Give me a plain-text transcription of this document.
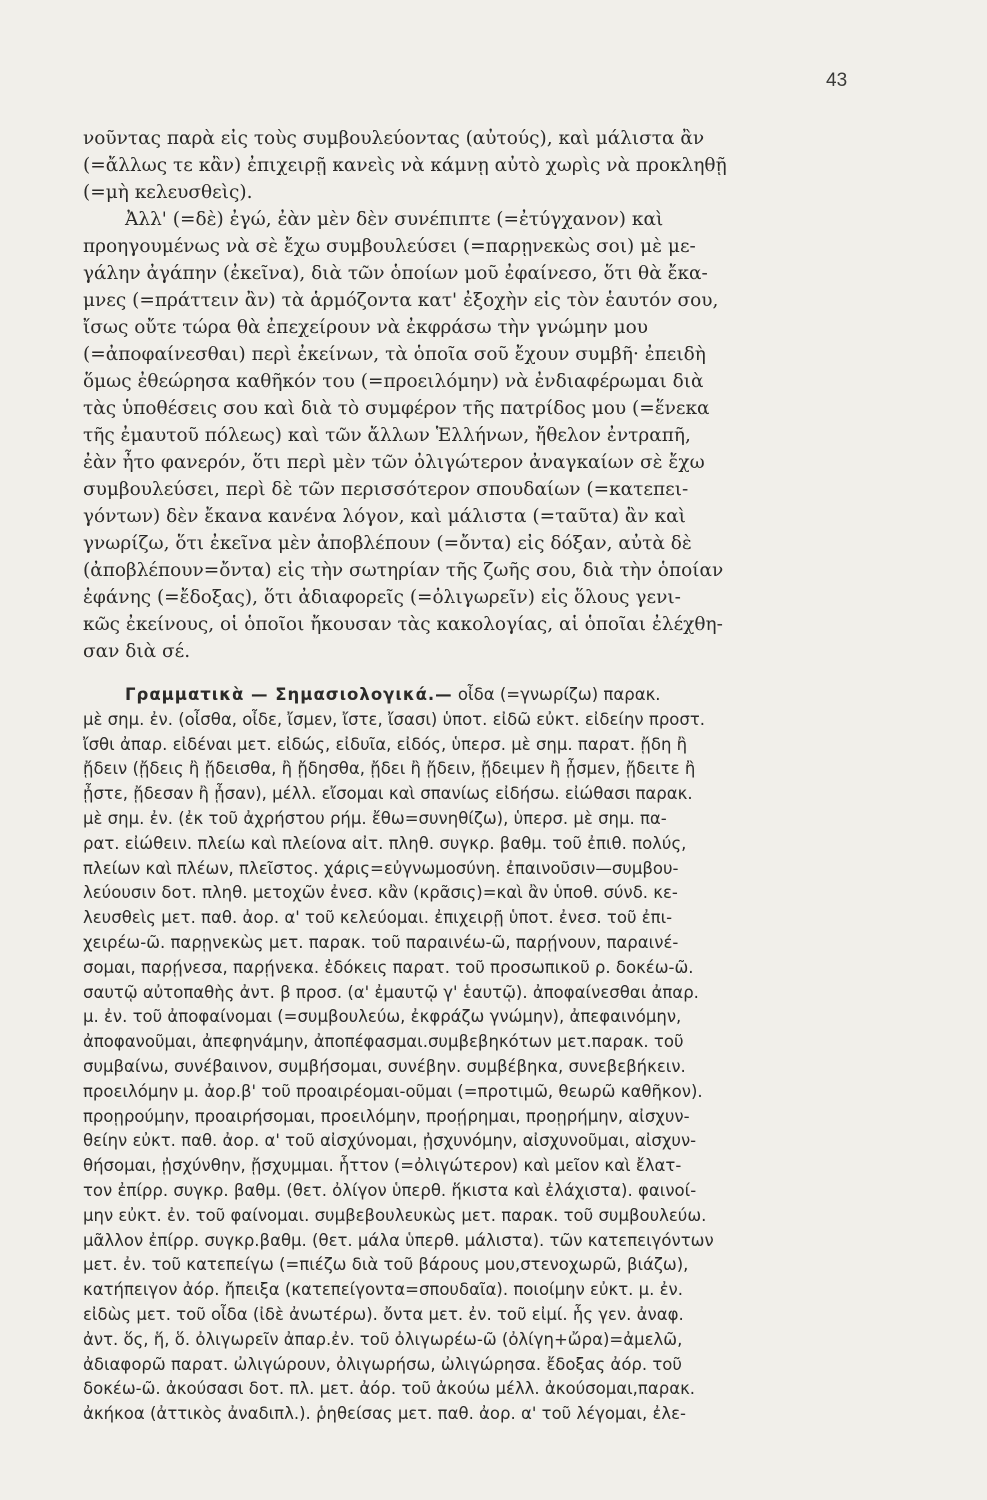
43
νοῦντας παρὰ εἰς τοὺς συμβουλεύοντας (αὐτούς), καὶ μάλιστα ἂν
(=ἄλλως τε κἂν) ἐπιχειρῇ κανεὶς νὰ κάμνῃ αὐτὸ χωρὶς νὰ προκληθῇ
(=μὴ κελευσθεὶς).
Ἀλλ' (=δὲ) ἐγώ, ἐὰν μὲν δὲν συνέπιπτε (=ἐτύγχανον) καὶ
προηγουμένως νὰ σὲ ἔχω συμβουλεύσει (=παρῃνεκὼς σοι) μὲ με-
γάλην ἀγάπην (ἐκεῖνα), διὰ τῶν ὁποίων μοῦ ἐφαίνεσο, ὅτι θὰ ἔκα-
μνες (=πράττειν ἂν) τὰ ἁρμόζοντα κατ' ἐξοχὴν εἰς τὸν ἑαυτόν σου,
ἴσως οὔτε τώρα θὰ ἐπεχείρουν νὰ ἐκφράσω τὴν γνώμην μου
(=ἀποφαίνεσθαι) περὶ ἐκείνων, τὰ ὁποῖα σοῦ ἔχουν συμβῆ· ἐπειδὴ
ὅμως ἐθεώρησα καθῆκόν του (=προειλόμην) νὰ ἐνδιαφέρωμαι διὰ
τὰς ὑποθέσεις σου καὶ διὰ τὸ συμφέρον τῆς πατρίδος μου (=ἕνεκα
τῆς ἐμαυτοῦ πόλεως) καὶ τῶν ἄλλων Ἑλλήνων, ἤθελον ἐντραπῆ,
ἐὰν ἦτο φανερόν, ὅτι περὶ μὲν τῶν ὀλιγώτερον ἀναγκαίων σὲ ἔχω
συμβουλεύσει, περὶ δὲ τῶν περισσότερον σπουδαίων (=κατεπει-
γόντων) δὲν ἔκανα κανένα λόγον, καὶ μάλιστα (=ταῦτα) ἂν καὶ
γνωρίζω, ὅτι ἐκεῖνα μὲν ἀποβλέπουν (=ὄντα) εἰς δόξαν, αὐτὰ δὲ
(ἀποβλέπουν=ὄντα) εἰς τὴν σωτηρίαν τῆς ζωῆς σου, διὰ τὴν ὁποίαν
ἐφάνης (=ἔδοξας), ὅτι ἀδιαφορεῖς (=ὀλιγωρεῖν) εἰς ὅλους γενι-
κῶς ἐκείνους, οἱ ὁποῖοι ἤκουσαν τὰς κακολογίας, αἱ ὁποῖαι ἐλέχθη-
σαν διὰ σέ.
Γραμματικὰ — Σημασιολογικά.— οἶδα (=γνωρίζω) παρακ.
μὲ σημ. ἐν. (οἶσθα, οἶδε, ἴσμεν, ἴστε, ἴσασι) ὑποτ. εἰδῶ εὐκτ. εἰδείην προστ.
ἴσθι ἀπαρ. εἰδέναι μετ. εἰδώς, εἰδυῖα, εἰδός, ὑπερσ. μὲ σημ. παρατ. ᾔδη ἢ
ᾔδειν (ᾔδεις ἢ ᾔδεισθα, ἢ ᾔδησθα, ᾔδει ἢ ᾔδειν, ᾔδειμεν ἢ ᾖσμεν, ᾔδειτε ἢ
ᾖστε, ᾔδεσαν ἢ ᾖσαν), μέλλ. εἴσομαι καὶ σπανίως εἰδήσω. εἰώθασι παρακ.
μὲ σημ. ἐν. (ἐκ τοῦ ἀχρήστου ρήμ. ἔθω=συνηθίζω), ὑπερσ. μὲ σημ. πα-
ρατ. εἰώθειν. πλείω καὶ πλείονα αἰτ. πληθ. συγκρ. βαθμ. τοῦ ἐπιθ. πολύς,
πλείων καὶ πλέων, πλεῖστος. χάρις=εὐγνωμοσύνη. ἐπαινοῦσιν—συμβου-
λεύουσιν δοτ. πληθ. μετοχῶν ἐνεσ. κἂν (κρᾶσις)=καὶ ἂν ὑποθ. σύνδ. κε-
λευσθεὶς μετ. παθ. ἀορ. α' τοῦ κελεύομαι. ἐπιχειρῇ ὑποτ. ἐνεσ. τοῦ ἐπι-
χειρέω-ῶ. παρῃνεκὼς μετ. παρακ. τοῦ παραινέω-ῶ, παρῄνουν, παραινέ-
σομαι, παρῄνεσα, παρῄνεκα. ἐδόκεις παρατ. τοῦ προσωπικοῦ ρ. δοκέω-ῶ.
σαυτῷ αὐτοπαθὴς ἀντ. β προσ. (α' ἐμαυτῷ γ' ἑαυτῷ). ἀποφαίνεσθαι ἀπαρ.
μ. ἐν. τοῦ ἀποφαίνομαι (=συμβουλεύω, ἐκφράζω γνώμην), ἀπεφαινόμην,
ἀποφανοῦμαι, ἀπεφηνάμην, ἀποπέφασμαι.συμβεβηκότων μετ.παρακ. τοῦ
συμβαίνω, συνέβαινον, συμβήσομαι, συνέβην. συμβέβηκα, συνεβεβήκειν.
προειλόμην μ. ἀορ.β' τοῦ προαιρέομαι-οῦμαι (=προτιμῶ, θεωρῶ καθῆκον).
προῃρούμην, προαιρήσομαι, προειλόμην, προῄρημαι, προῃρήμην, αἰσχυν-
θείην εὐκτ. παθ. ἀορ. α' τοῦ αἰσχύνομαι, ᾐσχυνόμην, αἰσχυνοῦμαι, αἰσχυν-
θήσομαι, ᾐσχύνθην, ᾔσχυμμαι. ἧττον (=ὀλιγώτερον) καὶ μεῖον καὶ ἔλατ-
τον ἐπίρρ. συγκρ. βαθμ. (θετ. ὀλίγον ὑπερθ. ἥκιστα καὶ ἐλάχιστα). φαινοί-
μην εὐκτ. ἐν. τοῦ φαίνομαι. συμβεβουλευκὼς μετ. παρακ. τοῦ συμβουλεύω.
μᾶλλον ἐπίρρ. συγκρ.βαθμ. (θετ. μάλα ὑπερθ. μάλιστα). τῶν κατεπειγόντων
μετ. ἐν. τοῦ κατεπείγω (=πιέζω διὰ τοῦ βάρους μου,στενοχωρῶ, βιάζω),
κατήπειγον ἀόρ. ἤπειξα (κατεπείγοντα=σπουδαῖα). ποιοίμην εὐκτ. μ. ἐν.
εἰδὼς μετ. τοῦ οἶδα (ἰδὲ ἀνωτέρω). ὄντα μετ. ἐν. τοῦ εἰμί. ἧς γεν. ἀναφ.
ἀντ. ὅς, ἥ, ὅ. ὀλιγωρεῖν ἀπαρ.ἐν. τοῦ ὀλιγωρέω-ῶ (ὀλίγη+ὤρα)=ἀμελῶ,
ἀδιαφορῶ παρατ. ὠλιγώρουν, ὀλιγωρήσω, ὠλιγώρησα. ἔδοξας ἀόρ. τοῦ
δοκέω-ῶ. ἀκούσασι δοτ. πλ. μετ. ἀόρ. τοῦ ἀκούω μέλλ. ἀκούσομαι,παρακ.
ἀκήκοα (ἀττικὸς ἀναδιπλ.). ῥηθείσας μετ. παθ. ἀορ. α' τοῦ λέγομαι, ἐλε-
